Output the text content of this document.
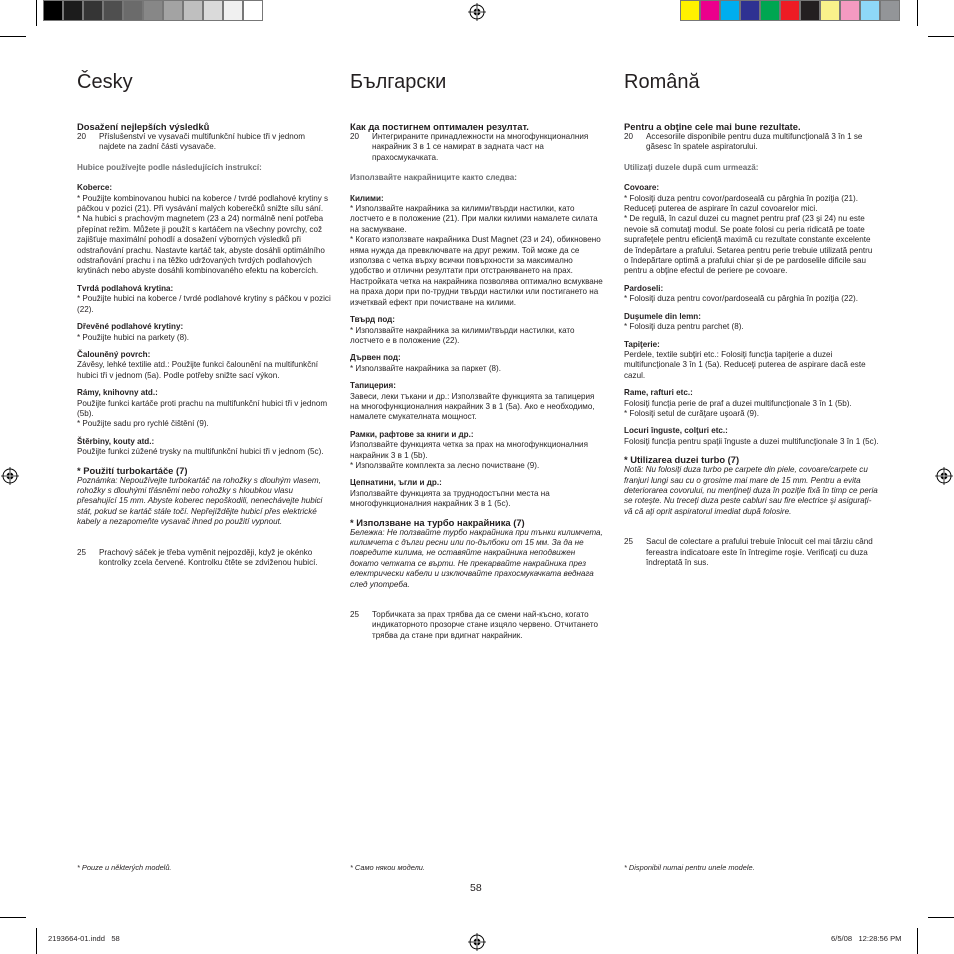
Česky
Dosažení nejlepších výsledků
20	Příslušenství ve vysavači multifunkční hubice tři v jednom najdete na zadní části vysavače.

Hubice používejte podle následujících instrukcí:

Koberce:

* Použijte kombinovanou hubici na koberce / tvrdé podlahové krytiny s páčkou v pozici (21). Při vysávání malých koberečků snižte sílu sání.
* Na hubici s prachovým magnetem (23 a 24) normálně není potřeba přepínat režim. Můžete ji použít s kartáčem na všechny povrchy, což zajišťuje maximální pohodlí a dosažení výborných výsledků při odstraňování prachu. Nastavte kartáč tak, abyste dosáhli optimálního odstraňování prachu i na těžko udržovaných tvrdých podlahových krytinách nebo abyste dosáhli kombinovaného efektu na kobercích.

Tvrdá podlahová krytina:

* Použijte hubici na koberce / tvrdé podlahové krytiny s páčkou v pozici (22).

Dřevěné podlahové krytiny:

* Použijte hubici na parkety (8).

Čalouněný povrch:

Závěsy, lehké textilie atd.: Použijte funkci čalounění na multifunkční hubici tři v jednom (5a). Podle potřeby snižte sací výkon.

Rámy, knihovny atd.:

Použijte funkci kartáče proti prachu na multifunkční hubici tři v jednom (5b).
* Použijte sadu pro rychlé čištění (9).

Štěrbiny, kouty atd.:

Použijte funkci zúžené trysky na multifunkční hubici tři v jednom (5c).

* Použití turbokartáče (7)

Poznámka: Nepoužívejte turbokartáč na rohožky s dlouhým vlasem, rohožky s dlouhými třásněmi nebo rohožky s hloubkou vlasu přesahující 15 mm. Abyste koberec nepoškodili, nenechávejte hubici stát, pokud se kartáč stále točí. Nepřejíždějte hubicí přes elektrické kabely a nezapomeňte vysavač ihned po použití vypnout.

25	Prachový sáček je třeba vyměnit nejpozději, když je okénko kontrolky zcela červené. Kontrolku čtěte se zdviženou hubicí.
Български
Как да постигнем оптимален резултат.
20	Интегрираните принадлежности на многофункционалния накрайник 3 в 1 се намират в задната част на прахосмукачката.

Използвайте накрайниците както следва:

Килими:

* Използвайте накрайника за килими/твърди настилки, като лостчето е в положение (21). При малки килими намалете силата на засмукване.
* Когато използвате накрайника Dust Magnet (23 и 24), обикновено няма нужда да превключвате на друг режим. Той може да се използва с четка върху всички повърхности за максимално удобство и отлични резултати при отстраняването на прах. Настройката четка на накрайника позволява оптимално всмукване на праха дори при по-трудни твърди настилки или постигането на изчетквай ефект при почистване на килими.

Твърд под:

* Използвайте накрайника за килими/твърди настилки, като лостчето е в положение (22).

Дървен под:

* Използвайте накрайника за паркет (8).

Тапицерия:

Завеси, леки тъкани и др.: Използвайте функцията за тапицерия на многофункционалния накрайник 3 в 1 (5a). Ако е необходимо, намалете смукателната мощност.

Рамки, рафтове за книги и др.:

Използвайте функцията четка за прах на многофункционалния накрайник 3 в 1 (5b).
* Използвайте комплекта за лесно почистване (9).

Цепнатини, ъгли и др.:

Използвайте функцията за труднодостъпни места на многофункционалния накрайник 3 в 1 (5c).

* Използване на турбо накрайника (7)

Бележка: Не ползвайте турбо накрайника при тънки килимчета, килимчета с дълги ресни или по-дълбоки от 15 мм. За да не повредите килима, не оставяйте накрайника неподвижен докато четката се върти. Не прекарвайте накрайника през електрически кабели и изключвайте прахосмукачката веднага след употреба.

25	Торбичката за прах трябва да се смени най-късно, когато индикаторното прозорче стане изцяло червено. Отчитането трябва да стане при вдигнат накрайник.
Română
Pentru a obţine cele mai bune rezultate.
20	Accesoriile disponibile pentru duza multifuncţională 3 în 1 se găsesc în spatele aspiratorului.

Utilizaţi duzele după cum urmează:

Covoare:

* Folosiţi duza pentru covor/pardoseală cu pârghia în poziţia (21). Reduceţi puterea de aspirare în cazul covoarelor mici.
* De regulă, în cazul duzei cu magnet pentru praf (23 şi 24) nu este nevoie să comutaţi modul. Se poate folosi cu peria ridicată pe toate suprafeţele pentru eficienţă maximă cu rezultate constante excelente de îndepărtare a prafului. Setarea pentru perie trebuie utilizată pentru o îndepărtare optimă a prafului chiar şi de pe pardoselile dificile sau pentru a obţine efectul de periere pe covoare.

Pardoseli:

* Folosiţi duza pentru covor/pardoseală cu pârghia în poziţia (22).

Duşumele din lemn:

* Folosiţi duza pentru parchet (8).

Tapiţerie:

Perdele, textile subţiri etc.: Folosiţi funcţia tapiţerie a duzei multifuncţionale 3 în 1 (5a). Reduceţi puterea de aspirare dacă este cazul.

Rame, rafturi etc.:

Folosiţi funcţia perie de praf a duzei multifuncţionale 3 în 1 (5b).
* Folosiţi setul de curăţare uşoară (9).

Locuri înguste, colţuri etc.:

Folosiţi funcţia pentru spaţii înguste a duzei multifuncţionale 3 în 1 (5c).

* Utilizarea duzei turbo (7)

Notă: Nu folosiţi duza turbo pe carpete din piele, covoare/carpete cu franjuri lungi sau cu o grosime mai mare de 15 mm. Pentru a evita deteriorarea covorului, nu menţineţi duza în poziţie fixă în timp ce peria se roteşte. Nu treceţi duza peste cabluri sau fire electrice şi asiguraţi-vă că aţi oprit aspiratorul imediat după folosire.

25	Sacul de colectare a prafului trebuie înlocuit cel mai târziu când fereastra indicatoare este în întregime roşie. Verificaţi cu duza îndreptată în sus.
* Pouze u některých modelů.	* Само някои модели.	* Disponibil numai pentru unele modele.
58
2193664-01.indd   58	6/5/08   12:28:56 PM
